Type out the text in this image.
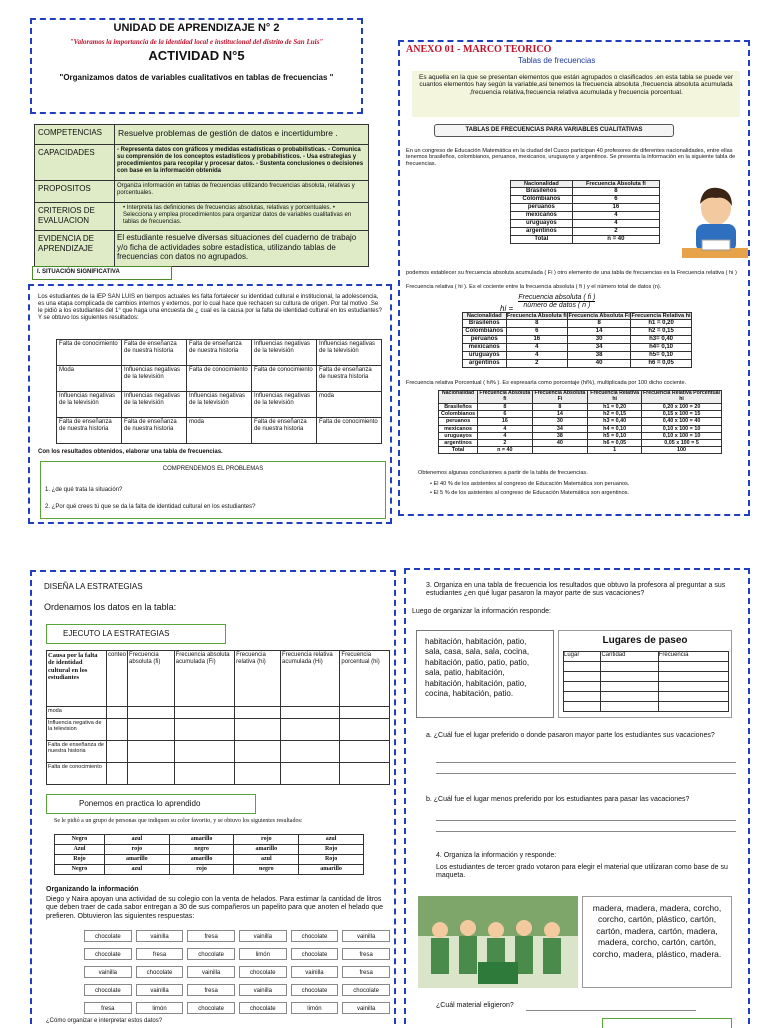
UNIDAD DE APRENDIZAJE N° 2
"Valoramos la importancia de la identidad local e institucional del distrito de San Luis"
ACTIVIDAD N°5
"Organizamos datos de variables cualitativos en tablas de frecuencias "
COMPETENCIAS	Resuelve problemas de gestión de datos e incertidumbre .
CAPACIDADES	- Representa datos con gráficos y medidas estadísticas o probabilísticas. - Comunica su comprensión de los conceptos estadísticos y probabilísticos. - Usa estrategias y procedimientos para recopilar y procesar datos. - Sustenta conclusiones o decisiones con base en la información obtenida
PROPOSITOS	Organiza información en tablas de frecuencias utilizando frecuencias absoluta, relativas y porcentuales.
CRITERIOS DE EVALUACION	• Interpreta las definiciones de frecuencias absolutas, relativas y porcentuales. • Selecciona y emplea procedimientos para organizar datos de variables cualitativas en tablas de frecuencias.
EVIDENCIA DE APRENDIZAJE	El estudiante resuelve diversas situaciones del cuaderno de trabajo y/o ficha de actividades sobre estadística, utilizando tablas de frecuencias con datos no agrupados.
I. SITUACIÓN SIGNIFICATIVA
Los estudiantes de la IEP SAN LUIS en tiempos actuales les falta fortalecer su identidad cultural e institucional, la adolescencia, es una etapa complicada de cambios internos y externos, por lo cual hace que rechacen su cultura de origen. Por tal motivo .Se le pidió a los estudiantes del 1° que haga una encuesta de ¿ cual es la causa por la falta de identidad cultural en los estudiantes? Y se obtuvo los siguientes resultados:
Falta de conocimiento	Falta de enseñanza de nuestra historia	Falta de enseñanza de nuestra historia	Influencias negativas de la televisión	Influencias negativas de la televisión
Moda	Influencias negativas de la televisión	Falta de conocimiento	Falta de conocimiento	Falta de enseñanza de nuestra historia
Influencias negativas de la televisión	Influencias negativas de la televisión	Influencias negativas de la televisión	Influencias negativas de la televisión	moda
Falta de enseñanza de nuestra historia	Falta de enseñanza de nuestra historia	moda	Falta de enseñanza de nuestra historia	Falta de conocimiento
Con los resultados obtenidos, elaborar una tabla de frecuencias.
COMPRENDEMOS EL PROBLEMAS
1. ¿de qué trata la situación?
2. ¿Por qué crees tú que se da la falta de identidad cultural en los estudiantes?
ANEXO 01 - MARCO TEORICO
Tablas de frecuencias
Es aquella en la que se presentan elementos que están agrupados o clasificados .en esta tabla se puede ver cuantos elementos hay según la variable,asi tenemos la frecuencia absoluta ,frecuencia absoluta acumulada ,frecuencia relativa,frecuencia relativa acumulada y frecuencia porcentual.
TABLAS DE FRECUENCIAS PARA VARIABLES CUALITATIVAS
En un congreso de Educación Matemática en la ciudad del Cusco participan 40 profesores de diferentes nacionalidades, entre ellas tenemos brasileños, colombianos, peruanos, mexicanos, uruguayos y argentinos. Se presenta la información en la siguiente tabla de frecuencias.
Nacionalidad	Frecuencia Absoluta fi
Brasileños	8
Colombianos	6
peruanos	16
mexicanos	4
uruguayos	4
argentinos	2
Total	n = 40
podemos establecer su frecuencia absoluta acumulada ( Fi ) otro elemento de una tabla de frecuencias es la Frecuencia relativa ( hi )
Frecuencia relativa ( hi ). Es el cociente entre la frecuencia absoluta ( fi ) y el número total de datos (n).
hi =
Frecuencia absoluta ( fi )
número de datos ( n )
Nacionalidad	Frecuencia Absoluta fi	Frecuencia Absoluta Fi	Frecuencia Relativa hi
Brasileños	8	8	h1 = 0,20
Colombianos	6	14	h2 = 0,15
peruanos	16	30	h3= 0,40
mexicanos	4	34	h4= 0,10
uruguayos	4	38	h5= 0,10
argentinos	2	40	h6 = 0,05
Frecuencia relativa Porcentual ( hi% ). Es expresarla como porcentaje (hi%), multiplicada por 100 dicho cociente.
Nacionalidad	Frecuencia Absoluta fi	Frecuencia Absoluta Fi	Frecuencia Relativa hi	Frecuencia Relativa Porcentual hi
Brasileños	8	8	h1 = 0,20	0,20 x 100 = 20
Colombianos	6	14	h2 = 0,15	0,15 x 100 = 15
peruanos	16	30	h3 = 0,40	0,40 x 100 = 40
mexicanos	4	34	h4 = 0,10	0,10 x 100 = 10
uruguayos	4	38	h5 = 0,10	0,10 x 100 = 10
argentinos	2	40	h6 = 0,05	0,05 x 100 = 5
Total	n = 40		1	100
Obtenemos algunas conclusiones a partir de la tabla de frecuencias.
• El 40 % de los asistentes al congreso de Educación Matemática son peruanos.
• El 5 % de los asistentes al congreso de Educación Matemática son argentinos.
DISEÑA LA ESTRATEGIAS
Ordenamos los datos en la tabla:
EJECUTO LA ESTRATEGIAS
Causa por la falta de identidad cultural en los estudiantes	conteo	Frecuencia absoluta (fi)	Frecuencia absoluta acumulada (Fi)	Frecuencia relativa (hi)	Frecuencia relativa acumulada (Hi)	Frecuencia porcentual (hi)
moda						
Influencia negativa de la television						
Falta de enseñanza de nuestra historia						
Falta de conocimiento						
Ponemos en practica lo aprendido
Se le pidió a un grupo de personas que indiquen su color favorito, y se obtuvo los siguientes resultados:
Negro	azul	amarillo	rojo	azul
Azul	rojo	negro	amarillo	Rojo
Rojo	amarillo	amarillo	azul	Rojo
Negro	azul	rojo	negro	amarillo
Organizando la información
Diego y Naira apoyan una actividad de su colegio con la venta de helados. Para estimar la cantidad de litros que deben traer de cada sabor entregan a 30 de sus compañeros un papelito para que anoten el helado que prefieren. Obtuvieron las siguientes respuestas:
chocolate	vainilla	fresa	vainilla	chocolate	vainilla
chocolate	fresa	chocolate	limón	chocolate	fresa
vainilla	chocolate	vainilla	chocolate	vainilla	fresa
chocolate	vainilla	fresa	vainilla	chocolate	chocolate
fresa	limón	chocolate	chocolate	limón	vainilla
¿Cómo organizar e interpretar estos datos?
3. Organiza en una tabla de frecuencia los resultados que obtuvo la profesora al preguntar a sus estudiantes ¿en qué lugar pasaron la mayor parte de sus vacaciones?
Luego de organizar la información responde:
habitación, habitación, patio, sala, casa, sala, sala, cocina, habitación, patio, patio, patio, sala, patio, habitación, habitación, habitación, patio, cocina, habitación, patio.
Lugares de paseo
Lugar	Cantidad	Frecuencia

a. ¿Cuál fue el lugar preferido o donde pasaron mayor parte los estudiantes sus vacaciones?
b. ¿Cuál fue el lugar menos preferido por los estudiantes para pasar las vacaciones?
4. Organiza la información y responde:
Los estudiantes de tercer grado votaron para elegir el material que utilizaran como base de su maqueta.
madera, madera, madera, corcho, corcho, cartón, plástico, cartón, cartón, madera, cartón, madera, madera, corcho, cartón, cartón, corcho, madera, plástico, madera.
¿Cuál material eligieron?
